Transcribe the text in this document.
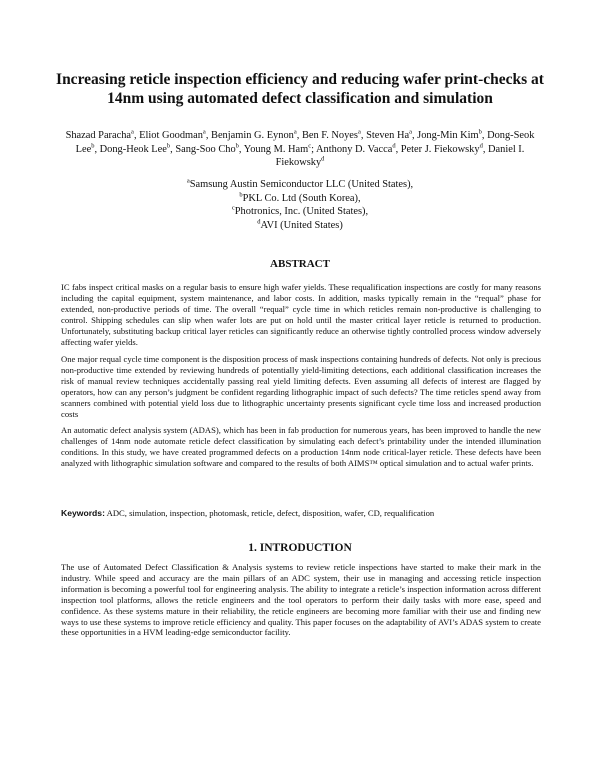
Increasing reticle inspection efficiency and reducing wafer print-checks at 14nm using automated defect classification and simulation
Shazad Paracha$^a$, Eliot Goodman$^a$, Benjamin G. Eynon$^a$, Ben F. Noyes$^a$, Steven Ha$^a$, Jong-Min Kim$^b$, Dong-Seok Lee$^b$, Dong-Heok Lee$^b$, Sang-Soo Cho$^b$, Young M. Ham$^c$; Anthony D. Vacca$^d$, Peter J. Fiekowsky$^d$, Daniel I. Fiekowsky$^d$
$^a$Samsung Austin Semiconductor LLC (United States),
$^b$PKL Co. Ltd (South Korea),
$^c$Photronics, Inc. (United States),
$^d$AVI (United States)
ABSTRACT

IC fabs inspect critical masks on a regular basis to ensure high wafer yields. These requalification inspections are costly for many reasons including the capital equipment, system maintenance, and labor costs. In addition, masks typically remain in the “requal” phase for extended, non-productive periods of time. The overall “requal” cycle time in which reticles remain non-productive is challenging to control. Shipping schedules can slip when wafer lots are put on hold until the master critical layer reticle is returned to production. Unfortunately, substituting backup critical layer reticles can significantly reduce an otherwise tightly controlled process window adversely affecting wafer yields.

One major requal cycle time component is the disposition process of mask inspections containing hundreds of defects. Not only is precious non-productive time extended by reviewing hundreds of potentially yield-limiting detections, each additional classification increases the risk of manual review techniques accidentally passing real yield limiting defects. Even assuming all defects of interest are flagged by operators, how can any person’s judgment be confident regarding lithographic impact of such defects? The time reticles spend away from scanners combined with potential yield loss due to lithographic uncertainty presents significant cycle time loss and increased production costs

An automatic defect analysis system (ADAS), which has been in fab production for numerous years, has been improved to handle the new challenges of 14nm node automate reticle defect classification by simulating each defect’s printability under the intended illumination conditions. In this study, we have created programmed defects on a production 14nm node critical-layer reticle. These defects have been analyzed with lithographic simulation software and compared to the results of both AIMS™ optical simulation and to actual wafer prints.

Keywords: ADC, simulation, inspection, photomask, reticle, defect, disposition, wafer, CD, requalification
1. INTRODUCTION

The use of Automated Defect Classification & Analysis systems to review reticle inspections have started to make their mark in the industry. While speed and accuracy are the main pillars of an ADC system, their use in managing and accessing reticle inspection information is becoming a powerful tool for engineering analysis. The ability to integrate a reticle’s inspection information across different inspection tool platforms, allows the reticle engineers and the tool operators to perform their daily tasks with more ease, speed and confidence. As these systems mature in their reliability, the reticle engineers are becoming more familiar with their use and finding new ways to use these systems to improve reticle efficiency and quality. This paper focuses on the adaptability of AVI’s ADAS system to create these opportunities in a HVM leading-edge semiconductor facility.
